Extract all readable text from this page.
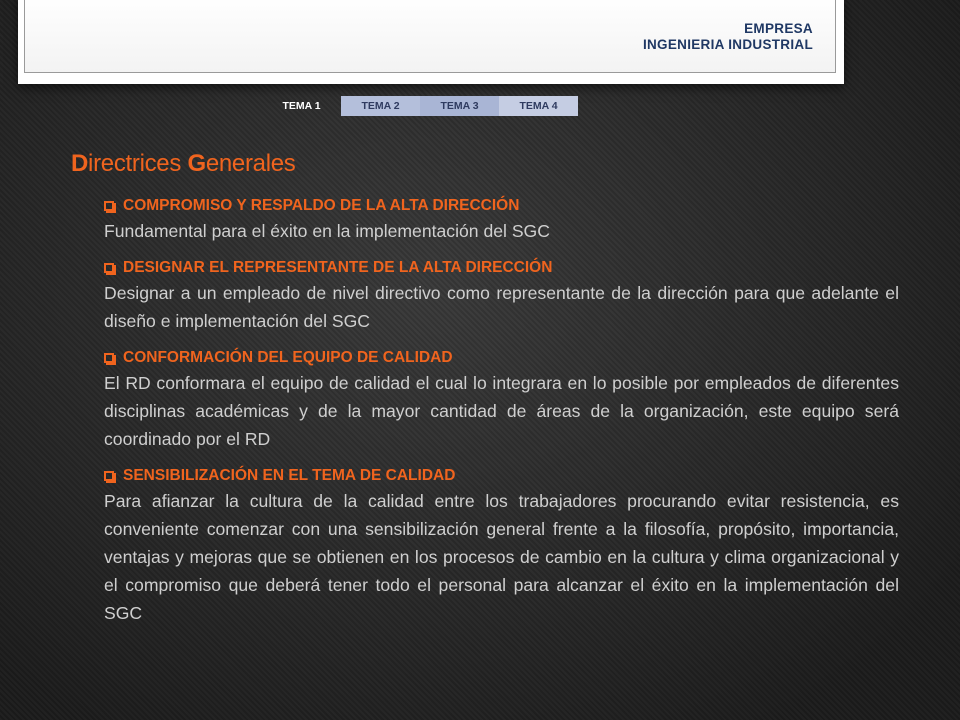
EMPRESA
INGENIERIA INDUSTRIAL
TEMA 1	TEMA 2	TEMA 3	TEMA 4
Directrices Generales
COMPROMISO Y RESPALDO DE LA ALTA DIRECCIÓN

Fundamental para el éxito en la implementación del SGC

DESIGNAR EL REPRESENTANTE DE LA ALTA DIRECCIÓN

Designar a un empleado de nivel directivo como representante de la dirección para que adelante el diseño e implementación del SGC

CONFORMACIÓN DEL EQUIPO DE CALIDAD

El RD conformara el equipo de calidad el cual lo integrara en lo posible por empleados de diferentes disciplinas académicas y de la mayor cantidad de áreas de la organización, este equipo será coordinado por el RD

SENSIBILIZACIÓN EN EL TEMA DE CALIDAD

Para afianzar la cultura de la calidad entre los trabajadores procurando evitar resistencia, es conveniente comenzar con una sensibilización general frente a la filosofía, propósito, importancia, ventajas y mejoras que se obtienen en los procesos de cambio en la cultura y clima organizacional y el compromiso que deberá tener todo el personal para alcanzar el éxito en la implementación del SGC
